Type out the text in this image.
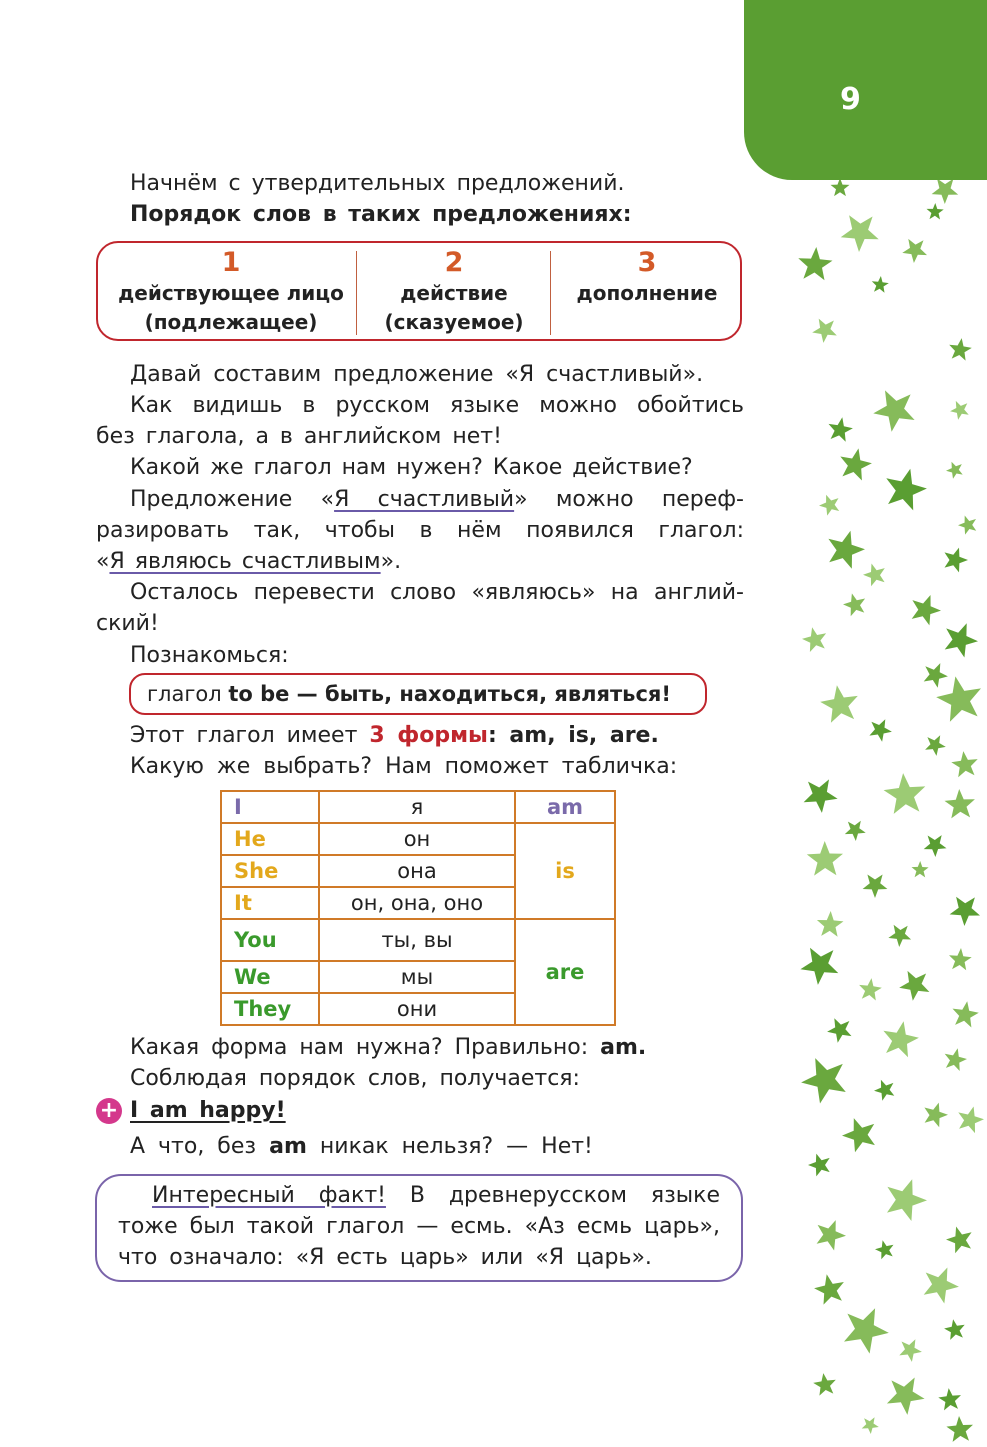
9
Начнём с утвердительных предложений.
Порядок слов в таких предложениях:
1
действующее лицо
(подлежащее)
2
действие
(сказуемое)
3
дополнение
Давай составим предложение «Я счастливый».
Как видишь в русском языке можно обойтись
без глагола, а в английском нет!
Какой же глагол нам нужен? Какое действие?
Предложение «Я счастливый» можно переф-
разировать так, чтобы в нём появился глагол:
«Я являюсь счастливым».
Осталось перевести слово «являюсь» на англий-
ский!
Познакомься:
глагол to be — быть, находиться, являться!
Этот глагол имеет 3 формы: am, is, are.
Какую же выбрать? Нам поможет табличка:
I	я	am
He	он	is
She	она	
It	он, она, оно	
You	ты, вы	are
We	мы	
They	они	
Какая форма нам нужна? Правильно: am.
Соблюдая порядок слов, получается:
+ I am happy!
А что, без am никак нельзя? — Нет!
Интересный факт! В древнерусском языке
тоже был такой глагол — есмь. «Аз есмь царь»,
что означало: «Я есть царь» или «Я царь».
